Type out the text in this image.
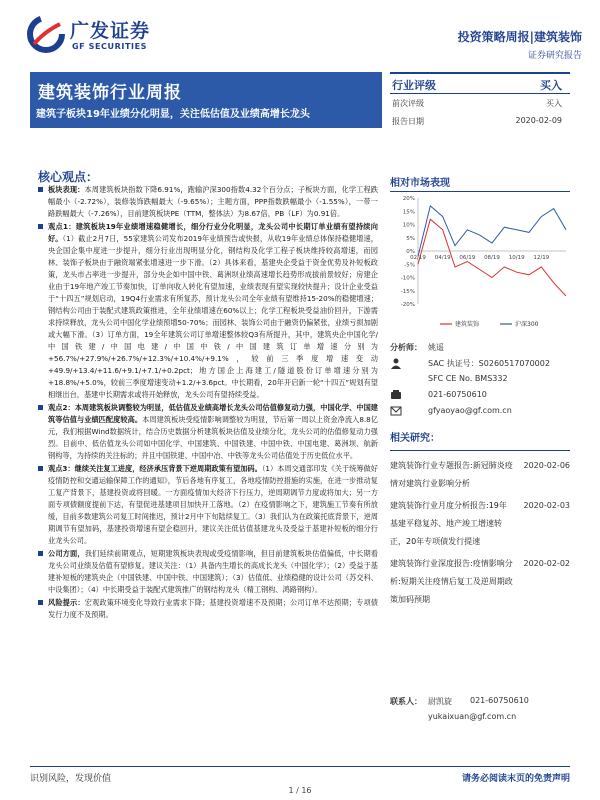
广发证券
GF SECURITIES
投资策略周报|建筑装饰
证券研究报告
建筑装饰行业周报
建筑子板块19年业绩分化明显，关注低估值及业绩高增长龙头
行业评级	买入
前次评级	买入
报告日期	2020-02-09
核心观点：
板块表现：本周建筑板块指数下降6.91%，跑输沪深300指数4.32个百分点；子板块方面，化学工程跌幅最小（-2.72%），装修装饰跌幅最大（-9.65%）；主题方面，PPP指数跌幅最小（-1.55%），一带一路跌幅最大（-7.26%），目前建筑板块PE（TTM，整体法）为8.67倍，PB（LF）为0.91倍。
观点1：建筑板块19年业绩增速稳健增长，细分行业分化明显，龙头公司中长期订单业绩有望持续向好。（1）截止2月7日，55家建筑公司发布2019年业绩预告或快报，从收19年业绩总体保持稳健增速，央企国企集中度进一步提升，细分行业出现明显分化，钢结构及化学工程子板块维持较高增速，而园林、装饰子板块由于融资端紧张增速进一步下滑。（2）具体来看，基建央企受益于资金优势及补短板政策，龙头市占率进一步提升，部分央企如中国中铁、葛洲坝业绩高速增长趋势形成拔前景较好；房建企业由于19年地产竣工节奏加快，订单向收入转化有望加速，业绩表现有望实现较快提升；设计企业受益于“十四五”规划启动，19Q4行业需求有所复苏，预计龙头公司全年业绩有望维持15-20%的稳健增速；钢结构公司由于装配式建筑政策推进，全年业绩增速在60%以上；化学工程板块受益油价回升，下游需求持续释放，龙头公司中国化学业绩预增50-70%；而园林、装饰公司由于融资仍偏紧张，业绩亏损加剧或大幅下滑。（3）订单方面，19全年建筑公司订单增速整体较Q3有所提升，其中，建筑央企中国化学/中国铁建/中国电建/中国中铁/中国建筑订单增速分别为+56.7%/+27.9%/+26.7%/+12.3%/+10.4%/+9.1%，较前三季度增速变动+49.9/+13.4/+11.6/+9.1/+7.1/+0.2pct；地方国企上海建工/隧道股份订单增速分别为+18.8%/+5.0%，较前三季度增速变动+1.2/+3.6pct。中长期看，20年开启新一轮“十四五”规划有望相继出台，基建中长期需求或将开始释放，龙头公司有望持续受益。
观点2：本周建筑板块调整较为明显，低估值及业绩高增长龙头公司估值修复动力强，中国化学、中国建筑等估值与业绩匹配度较高。本周建筑板块受疫情影响调整较为明显，节后第一周以上资金净流入8.8亿元，我们根据Wind数据统计，结合历史数据分析建筑板块估值及业绩分化，龙头公司的估值修复动力强烈。目前中、低估值龙头公司如中国化学、中国建筑、中国铁建、中国中铁、中国电建、葛洲坝、航新钢构等，为持续的关注标的；并且中国铁建、中国中冶、中铁等龙头公司估值处于历史低位水平。
观点3：继续关注复工进度，经济承压背景下逆周期政策有望加码。（1）本周交通部印发《关于统筹做好疫情防控和交通运输保障工作的通知》，节后各地有序复工，各地疫情防控措施的实施，在进一步推动复工复产背景下，基建投资或将回暖。一方面疫情加大经济下行压力，逆周期调节力度或将加大；另一方面专项债额度提前下达，有望促进基建项目加快开工落地。（2）在疫情影响之下，建筑施工节奏有所放缓，目前多数建筑公司复工时间推迟，预计2月中下旬陆续复工。（3）我们认为在政策托底背景下，逆周期调节有望加码，基建投资增速有望企稳回升，建议关注低估值基建龙头及受益于基建补短板的细分行业龙头公司。
公司方面，我们延续前期观点，短期建筑板块表现或受疫情影响，但目前建筑板块估值偏低，中长期看龙头公司业绩及估值有望修复。建议关注：（1）具备内生增长的高成长龙头（中国化学）；（2）受益于基建补短板的建筑央企（中国铁建、中国中铁、中国建筑）；（3）估值低、业绩稳健的设计公司（苏交科、中设集团）；（4）中长期受益于装配式建筑推广的钢结构龙头（精工钢构、鸿路钢构）。
风险提示：宏观政策环境变化导致行业需求下降；基建投资增速不及预期；公司订单不达预期；专项债发行力度不及预期。
相对市场表现
20%
15%
10%
5%
0%
-5%
-10%
-15%
-20%
02/19 04/19 06/19 08/19 10/19 12/19
建筑装饰	沪深300
分析师： 姚遥
SAC 执证号：S0260517070002
SFC CE No. BMS332
021-60750610
gfyaoyao@gf.com.cn
相关研究：
建筑装饰行业专题报告:新冠肺炎疫情对建筑行业影响分析
2020-02-06
建筑装饰行业月度分析报告:19年基建平稳复苏、地产竣工增速转正，20年专项债发行提速
2020-02-03
建筑装饰行业深度报告:疫情影响分析:短期关注疫情后复工及逆周期政策加码预期
2020-02-02
联系人： 尉凯旋 021-60750610
yukaixuan@gf.com.cn
识别风险，发现价值	请务必阅读末页的免责声明
1 / 16
